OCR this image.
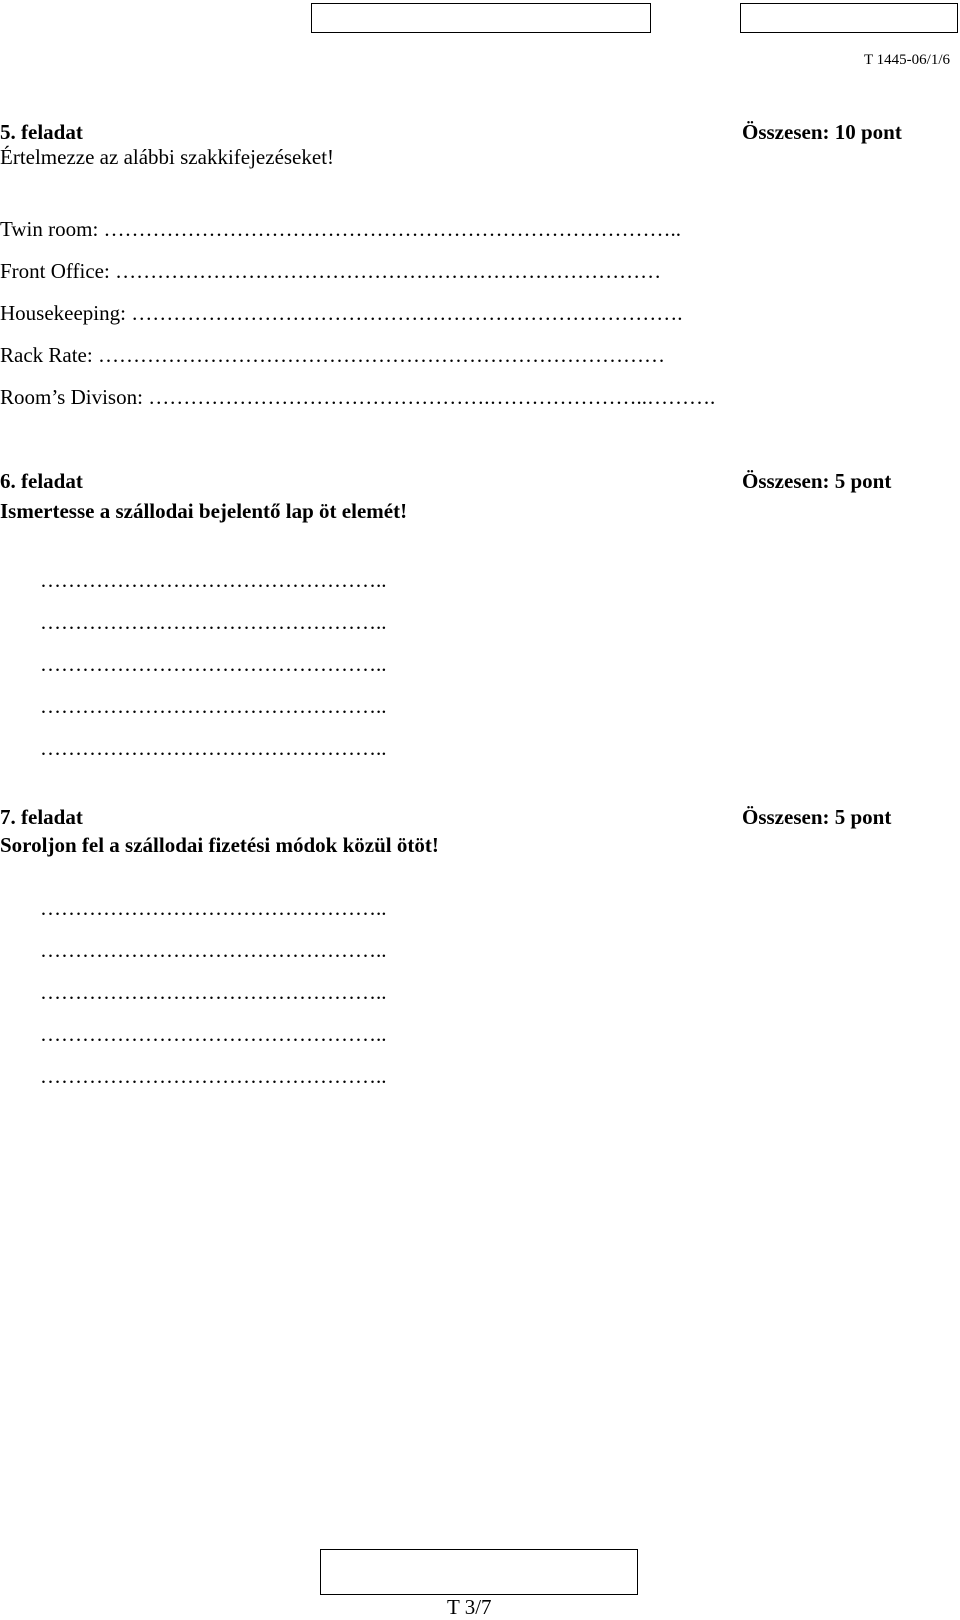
T 1445-06/1/6
5. feladat	Összesen: 10 pont
Értelmezze az alábbi szakkifejezéseket!
Twin room: ………………………………………………………………………..
Front Office: ……………………………………………………………………
Housekeeping: …………………………………………………………………….
Rack Rate: ………………………………………………………………………
Room’s Divison: ………………………………………….…………………..……….
6. feladat	Összesen: 5 pont
Ismertesse a szállodai bejelentő lap öt elemét!
…………………………………………..
…………………………………………..
…………………………………………..
…………………………………………..
…………………………………………..
7. feladat	Összesen: 5 pont
Soroljon fel a szállodai fizetési módok közül ötöt!
…………………………………………..
…………………………………………..
…………………………………………..
…………………………………………..
…………………………………………..
T 3/7
